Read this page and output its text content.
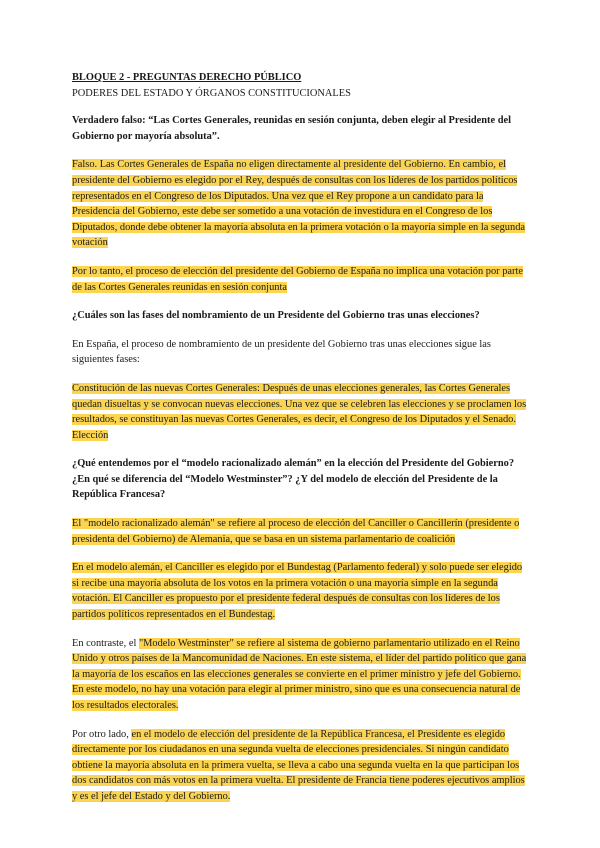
BLOQUE 2 - PREGUNTAS DERECHO PÚBLICO

PODERES DEL ESTADO Y ÓRGANOS CONSTITUCIONALES

Verdadero falso: “Las Cortes Generales, reunidas en sesión conjunta, deben elegir al Presidente del Gobierno por mayoría absoluta”.

Falso. Las Cortes Generales de España no eligen directamente al presidente del Gobierno. En cambio, el presidente del Gobierno es elegido por el Rey, después de consultas con los líderes de los partidos políticos representados en el Congreso de los Diputados. Una vez que el Rey propone a un candidato para la Presidencia del Gobierno, este debe ser sometido a una votación de investidura en el Congreso de los Diputados, donde debe obtener la mayoría absoluta en la primera votación o la mayoría simple en la segunda votación

Por lo tanto, el proceso de elección del presidente del Gobierno de España no implica una votación por parte de las Cortes Generales reunidas en sesión conjunta

¿Cuáles son las fases del nombramiento de un Presidente del Gobierno tras unas elecciones?

En España, el proceso de nombramiento de un presidente del Gobierno tras unas elecciones sigue las siguientes fases:

Constitución de las nuevas Cortes Generales: Después de unas elecciones generales, las Cortes Generales quedan disueltas y se convocan nuevas elecciones. Una vez que se celebren las elecciones y se proclamen los resultados, se constituyan las nuevas Cortes Generales, es decir, el Congreso de los Diputados y el Senado. Elección

¿Qué entendemos por el “modelo racionalizado alemán” en la elección del Presidente del Gobierno? ¿En qué se diferencia del “Modelo Westminster”? ¿Y del modelo de elección del Presidente de la República Francesa?

El "modelo racionalizado alemán" se refiere al proceso de elección del Canciller o Cancillerín (presidente o presidenta del Gobierno) de Alemania, que se basa en un sistema parlamentario de coalición

En el modelo alemán, el Canciller es elegido por el Bundestag (Parlamento federal) y solo puede ser elegido si recibe una mayoría absoluta de los votos en la primera votación o una mayoría simple en la segunda votación. El Canciller es propuesto por el presidente federal después de consultas con los líderes de los partidos políticos representados en el Bundestag.

En contraste, el "Modelo Westminster" se refiere al sistema de gobierno parlamentario utilizado en el Reino Unido y otros países de la Mancomunidad de Naciones. En este sistema, el líder del partido político que gana la mayoría de los escaños en las elecciones generales se convierte en el primer ministro y jefe del Gobierno. En este modelo, no hay una votación para elegir al primer ministro, sino que es una consecuencia natural de los resultados electorales.

Por otro lado, en el modelo de elección del presidente de la República Francesa, el Presidente es elegido directamente por los ciudadanos en una segunda vuelta de elecciones presidenciales. Si ningún candidato obtiene la mayoría absoluta en la primera vuelta, se lleva a cabo una segunda vuelta en la que participan los dos candidatos con más votos en la primera vuelta. El presidente de Francia tiene poderes ejecutivos amplios y es el jefe del Estado y del Gobierno.
